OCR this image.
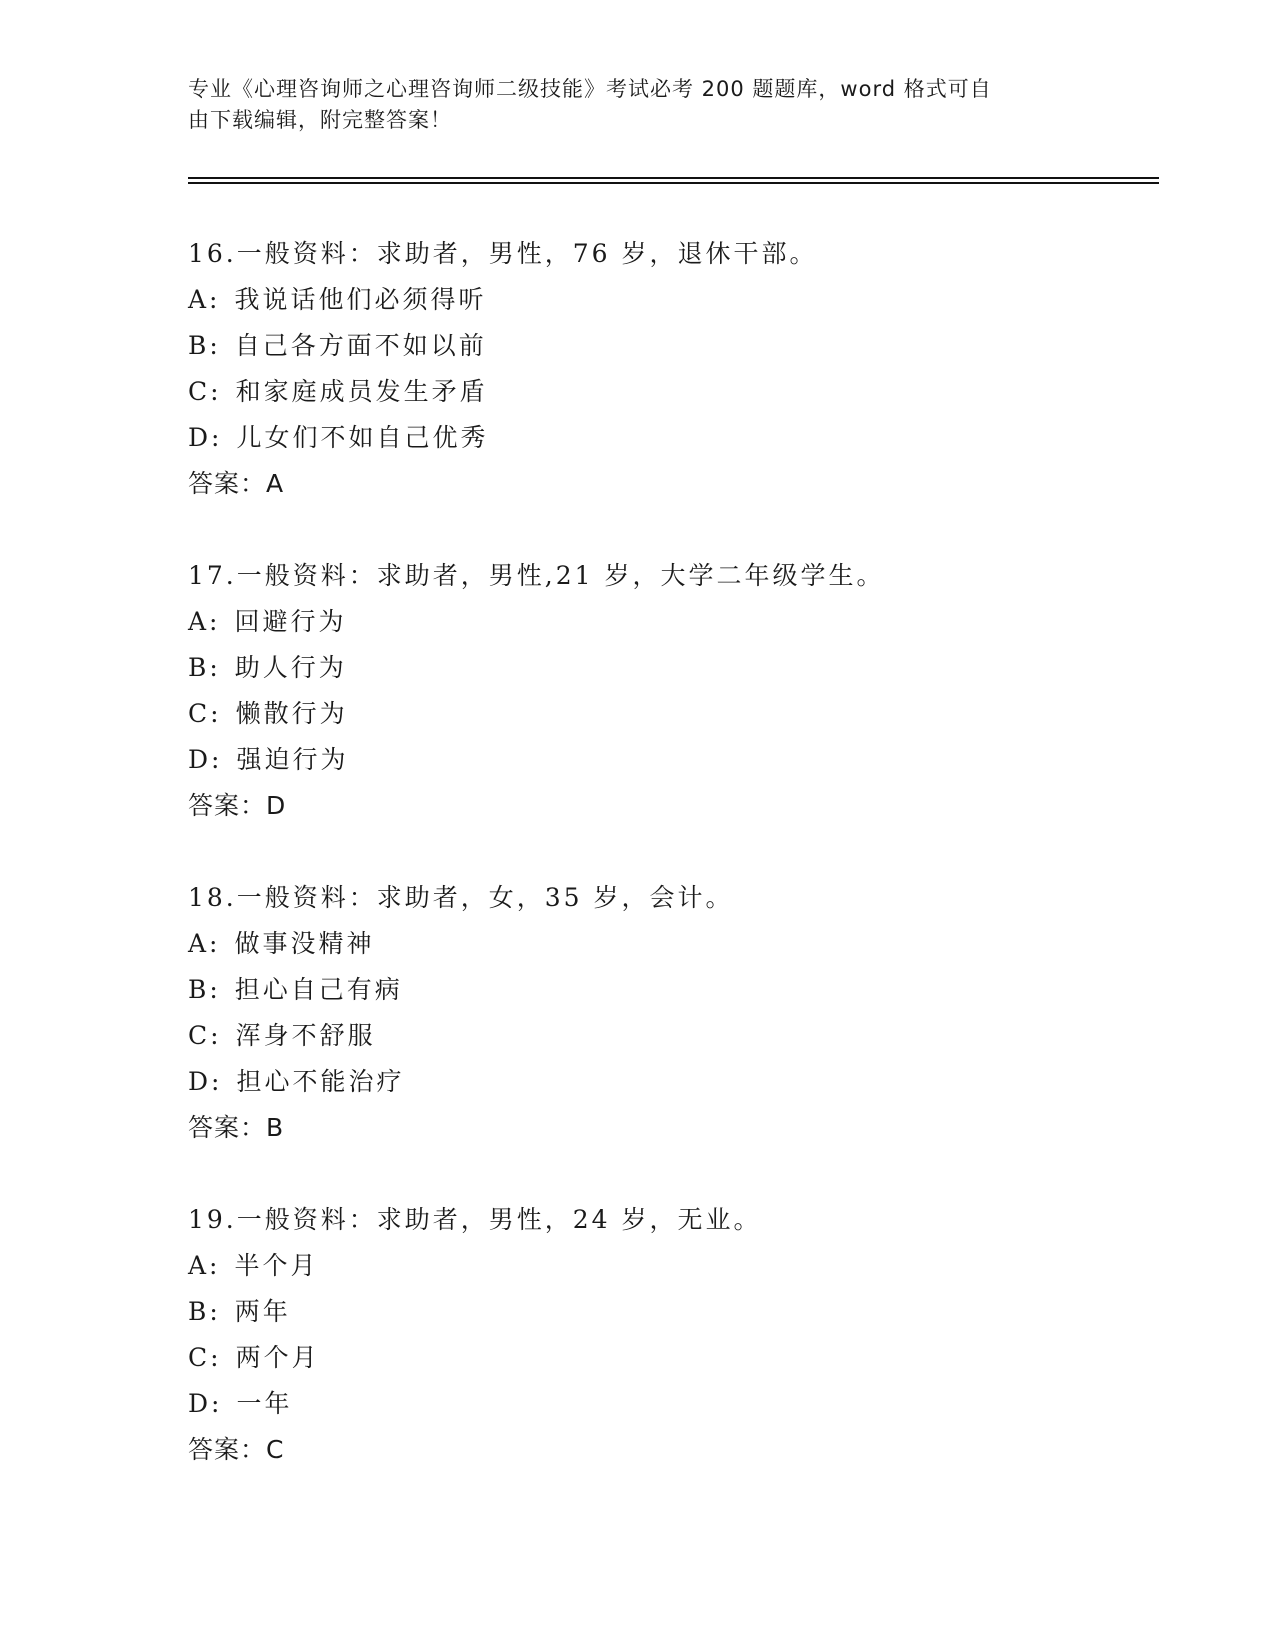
专业《心理咨询师之心理咨询师二级技能》考试必考 200 题题库，word 格式可自

由下载编辑，附完整答案！

16.一般资料：求助者，男性，76 岁，退休干部。
A: 我说话他们必须得听
B: 自己各方面不如以前
C: 和家庭成员发生矛盾
D: 儿女们不如自己优秀
答案：A
17.一般资料：求助者，男性,21 岁，大学二年级学生。
A: 回避行为
B: 助人行为
C: 懒散行为
D: 强迫行为
答案：D
18.一般资料：求助者，女，35 岁，会计。
A: 做事没精神
B: 担心自己有病
C: 浑身不舒服
D: 担心不能治疗
答案：B
19.一般资料：求助者，男性，24 岁，无业。
A: 半个月
B: 两年
C: 两个月
D: 一年
答案：C
